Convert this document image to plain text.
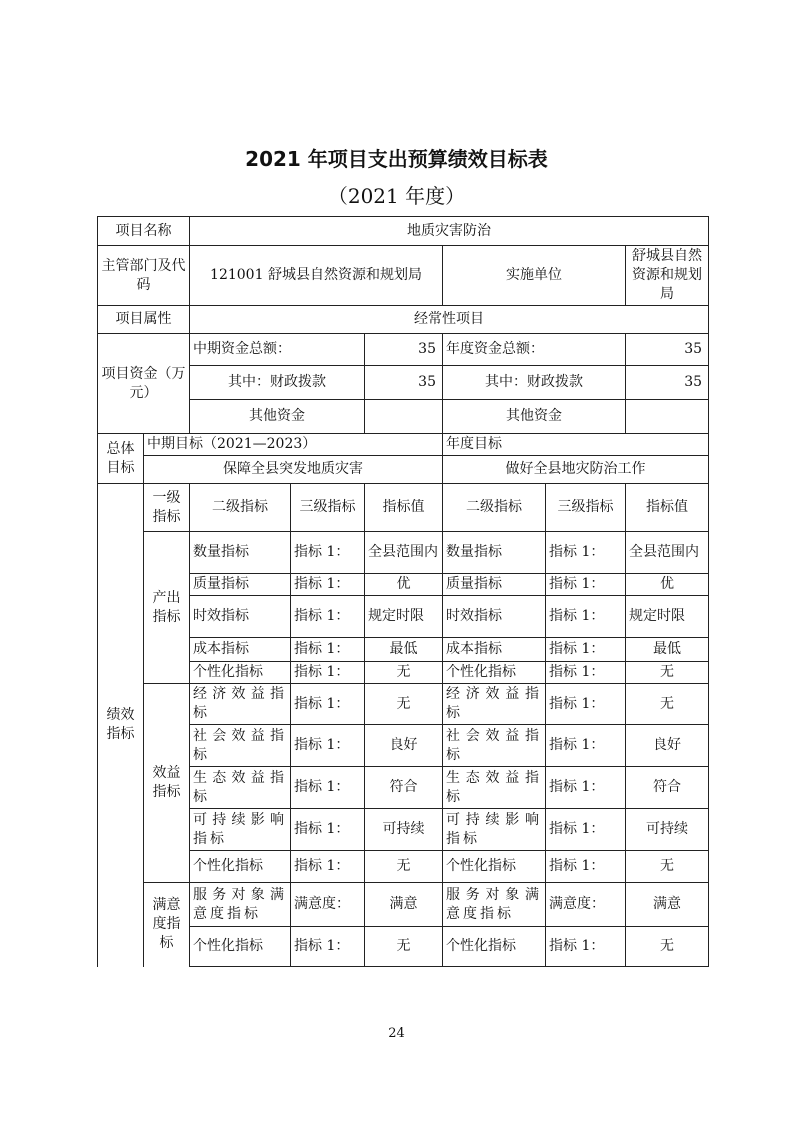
2021 年项目支出预算绩效目标表
（2021 年度）
项目名称		地质灾害防治					
主管部门及代码		121001 舒城县自然资源和规划局			实施单位		舒城县自然资源和规划局
项目属性		经常性项目					
项目资金（万元）		中期资金总额：		35	年度资金总额：		35
		其中：财政拨款		35	其中：财政拨款		35
		其他资金			其他资金		
总体目标	中期目标（2021—2023）				年度目标		
	保障全县突发地质灾害				做好全县地灾防治工作		
绩效指标	一级指标	二级指标	三级指标	指标值	二级指标	三级指标	指标值
	产出指标	数量指标	指标 1：	全县范围内	数量指标	指标 1：	全县范围内
		质量指标	指标 1：	优	质量指标	指标 1：	优
		时效指标	指标 1：	规定时限	时效指标	指标 1：	规定时限
		成本指标	指标 1：	最低	成本指标	指标 1：	最低
		个性化指标	指标 1：	无	个性化指标	指标 1：	无
	效益指标	经济效益指标	指标 1：	无	经济效益指标	指标 1：	无
		社会效益指标	指标 1：	良好	社会效益指标	指标 1：	良好
		生态效益指标	指标 1：	符合	生态效益指标	指标 1：	符合
		可持续影响指标	指标 1：	可持续	可持续影响指标	指标 1：	可持续
		个性化指标	指标 1：	无	个性化指标	指标 1：	无
	满意度指标	服务对象满意度指标	满意度：	满意	服务对象满意度指标	满意度：	满意
		个性化指标	指标 1：	无	个性化指标	指标 1：	无
24
